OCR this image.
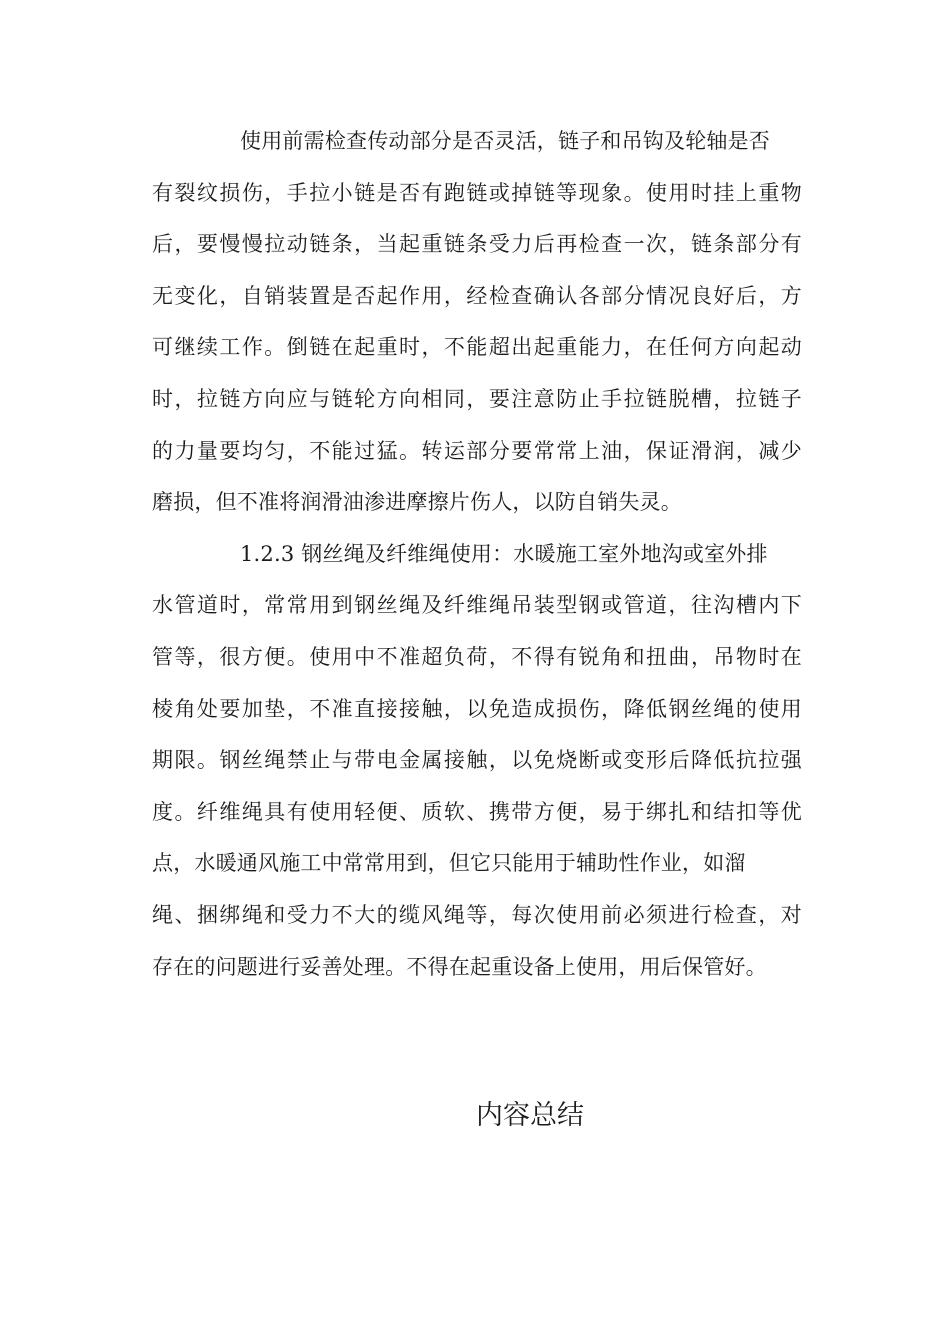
使用前需检查传动部分是否灵活，链子和吊钩及轮轴是否
有裂纹损伤，手拉小链是否有跑链或掉链等现象。使用时挂上重物
后，要慢慢拉动链条，当起重链条受力后再检查一次，链条部分有
无变化，自销装置是否起作用，经检查确认各部分情况良好后，方
可继续工作。倒链在起重时，不能超出起重能力，在任何方向起动
时，拉链方向应与链轮方向相同，要注意防止手拉链脱槽，拉链子
的力量要均匀，不能过猛。转运部分要常常上油，保证滑润，减少
磨损，但不准将润滑油渗进摩擦片伤人，以防自销失灵。
1.2.3 钢丝绳及纤维绳使用：水暖施工室外地沟或室外排
水管道时，常常用到钢丝绳及纤维绳吊装型钢或管道，往沟槽内下
管等，很方便。使用中不准超负荷，不得有锐角和扭曲，吊物时在
棱角处要加垫，不准直接接触，以免造成损伤，降低钢丝绳的使用
期限。钢丝绳禁止与带电金属接触，以免烧断或变形后降低抗拉强
度。纤维绳具有使用轻便、质软、携带方便，易于绑扎和结扣等优
点，水暖通风施工中常常用到，但它只能用于辅助性作业，如溜
绳、捆绑绳和受力不大的缆风绳等，每次使用前必须进行检查，对
存在的问题进行妥善处理。不得在起重设备上使用，用后保管好。
内容总结
